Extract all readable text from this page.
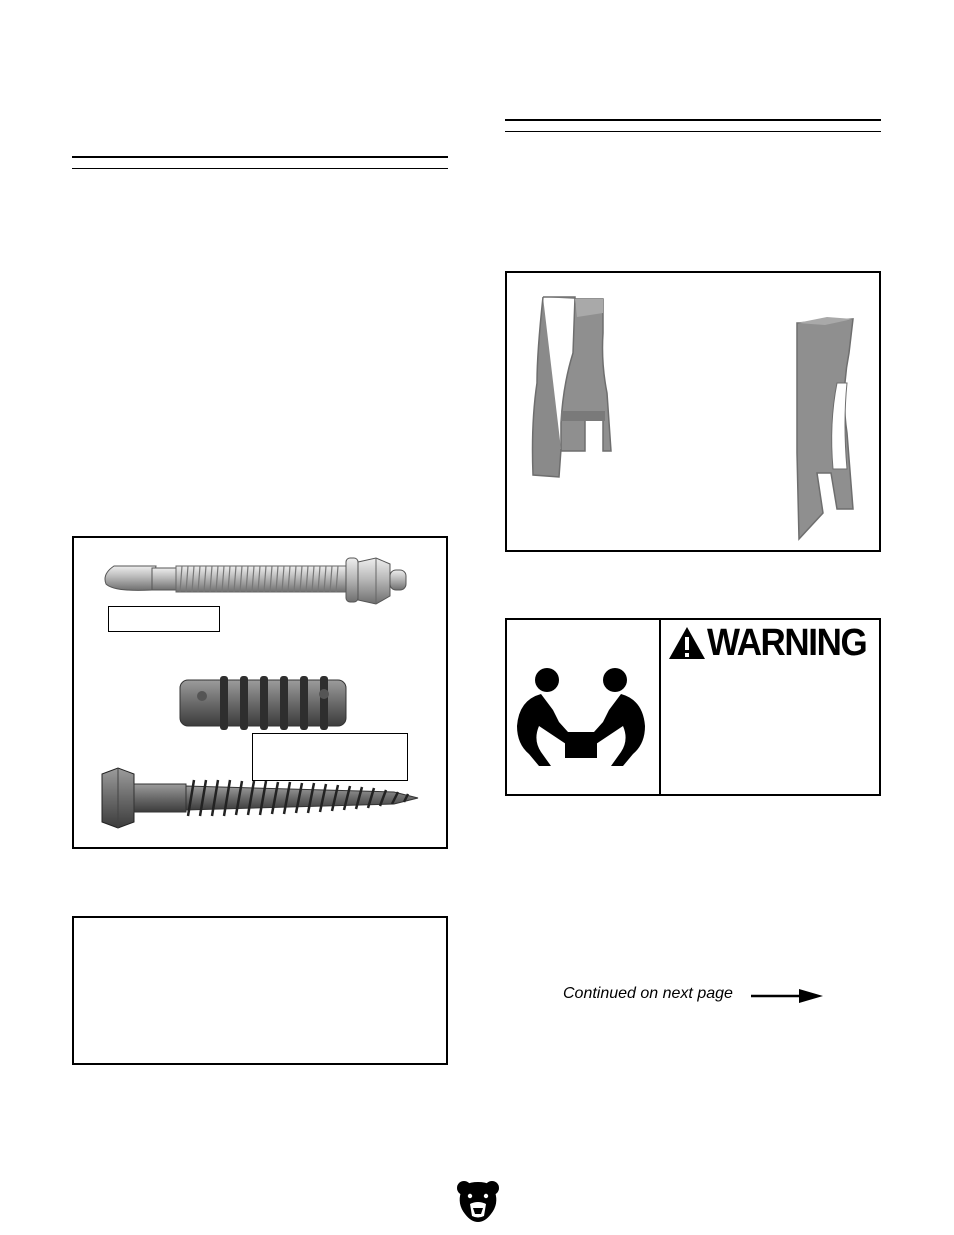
WARNING
Continued on next page
